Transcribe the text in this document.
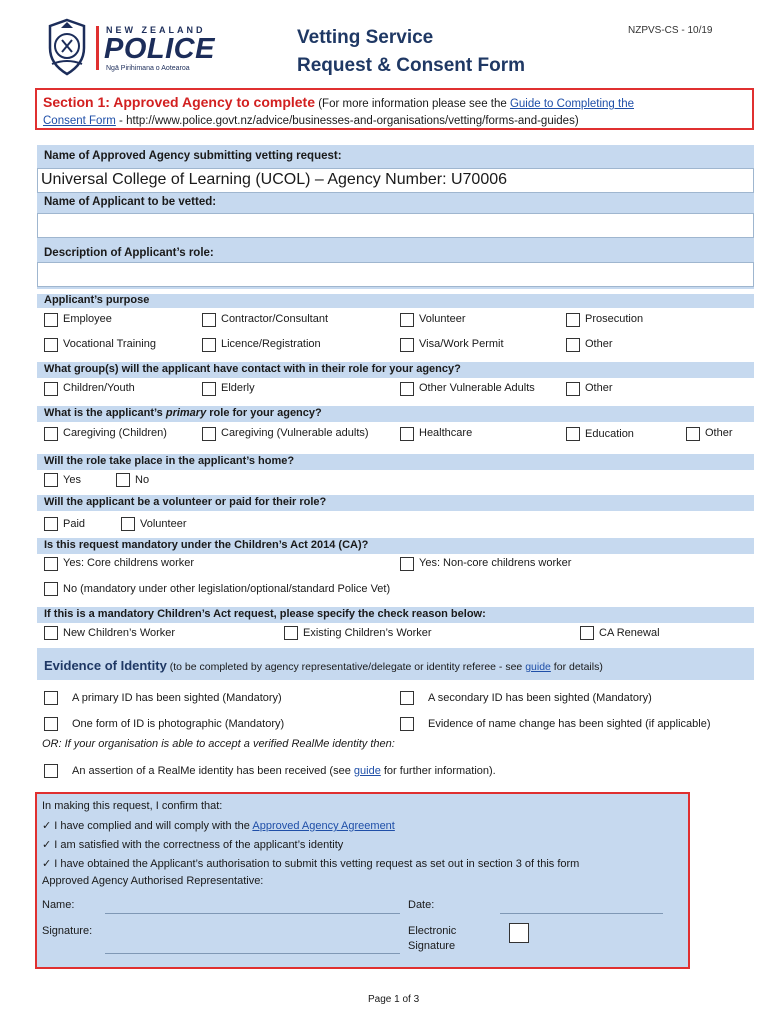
NEW ZEALAND
POLICE
Ngā Pirihimana o Aotearoa
Vetting Service
Request & Consent Form
NZPVS-CS - 10/19
Section 1: Approved Agency to complete (For more information please see the Guide to Completing the
Consent Form - http://www.police.govt.nz/advice/businesses-and-organisations/vetting/forms-and-guides)
Name of Approved Agency submitting vetting request:
Universal College of Learning (UCOL) – Agency Number: U70006
Name of Applicant to be vetted:
Description of Applicant’s role:
Applicant’s purpose
Employee	Contractor/Consultant	Volunteer	Prosecution
Vocational Training	Licence/Registration	Visa/Work Permit	Other
What group(s) will the applicant have contact with in their role for your agency?
Children/Youth	Elderly	Other Vulnerable Adults	Other
What is the applicant’s primary role for your agency?
Caregiving (Children)	Caregiving (Vulnerable adults)	Healthcare	Education	Other
Will the role take place in the applicant’s home?
Yes	No
Will the applicant be a volunteer or paid for their role?
Paid	Volunteer
Is this request mandatory under the Children’s Act 2014 (CA)?
Yes: Core childrens worker	Yes: Non-core childrens worker
No (mandatory under other legislation/optional/standard Police Vet)
If this is a mandatory Children’s Act request, please specify the check reason below:
New Children’s Worker	Existing Children’s Worker	CA Renewal
Evidence of Identity (to be completed by agency representative/delegate or identity referee - see guide for details)
A primary ID has been sighted (Mandatory)	A secondary ID has been sighted (Mandatory)
One form of ID is photographic (Mandatory)	Evidence of name change has been sighted (if applicable)
OR: If your organisation is able to accept a verified RealMe identity then:
An assertion of a RealMe identity has been received (see guide for further information).
In making this request, I confirm that:
✓ I have complied and will comply with the Approved Agency Agreement
✓ I am satisfied with the correctness of the applicant’s identity
✓ I have obtained the Applicant’s authorisation to submit this vetting request as set out in section 3 of this form
Approved Agency Authorised Representative:
Name:	Date:
Signature:	Electronic
Signature
Page 1 of 3
